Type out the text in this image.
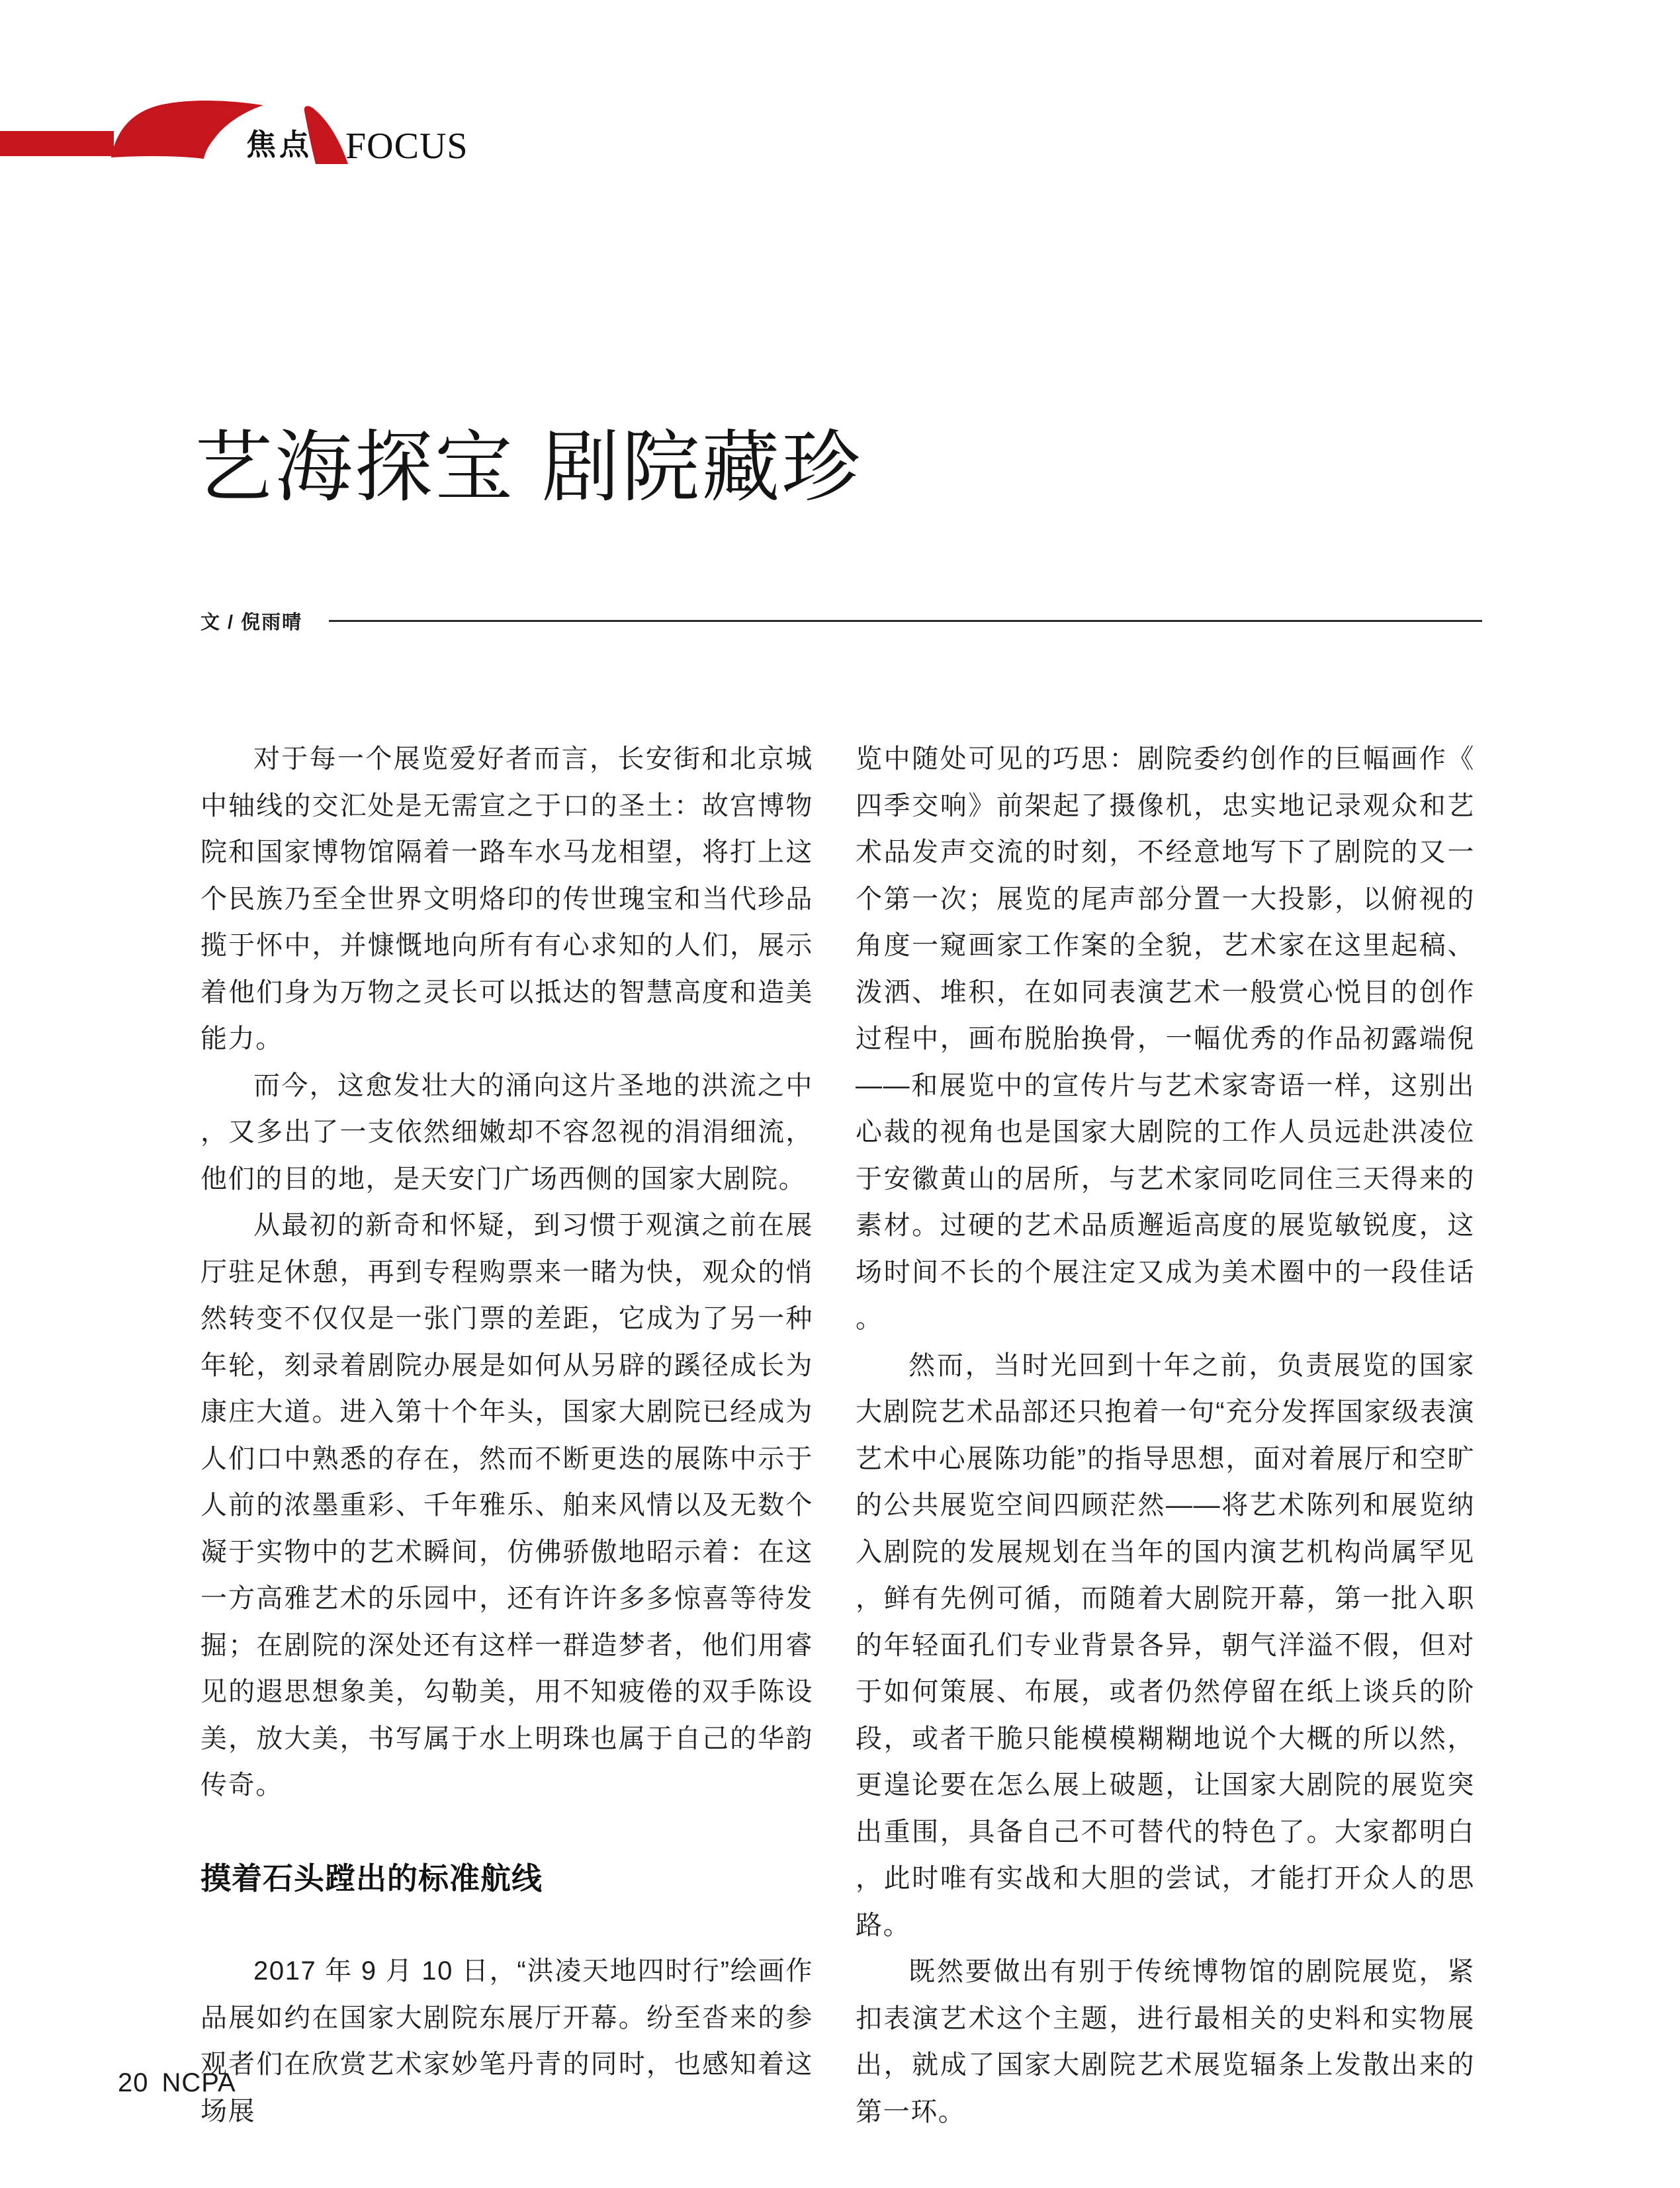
焦点 FOCUS
艺海探宝 剧院藏珍
文 / 倪雨晴

对于每一个展览爱好者而言，长安街和北京城中轴线的交汇处是无需宣之于口的圣土：故宫博物院和国家博物馆隔着一路车水马龙相望，将打上这个民族乃至全世界文明烙印的传世瑰宝和当代珍品揽于怀中，并慷慨地向所有有心求知的人们，展示着他们身为万物之灵长可以抵达的智慧高度和造美能力。

而今，这愈发壮大的涌向这片圣地的洪流之中，又多出了一支依然细嫩却不容忽视的涓涓细流，他们的目的地，是天安门广场西侧的国家大剧院。

从最初的新奇和怀疑，到习惯于观演之前在展厅驻足休憩，再到专程购票来一睹为快，观众的悄然转变不仅仅是一张门票的差距，它成为了另一种年轮，刻录着剧院办展是如何从另辟的蹊径成长为康庄大道。进入第十个年头，国家大剧院已经成为人们口中熟悉的存在，然而不断更迭的展陈中示于人前的浓墨重彩、千年雅乐、舶来风情以及无数个凝于实物中的艺术瞬间，仿佛骄傲地昭示着：在这一方高雅艺术的乐园中，还有许许多多惊喜等待发掘；在剧院的深处还有这样一群造梦者，他们用睿见的遐思想象美，勾勒美，用不知疲倦的双手陈设美，放大美，书写属于水上明珠也属于自己的华韵传奇。

摸着石头蹚出的标准航线

2017 年 9 月 10 日，“洪凌天地四时行”绘画作品展如约在国家大剧院东展厅开幕。纷至沓来的参观者们在欣赏艺术家妙笔丹青的同时，也感知着这场展

览中随处可见的巧思：剧院委约创作的巨幅画作《四季交响》前架起了摄像机，忠实地记录观众和艺术品发声交流的时刻，不经意地写下了剧院的又一个第一次；展览的尾声部分置一大投影，以俯视的角度一窥画家工作案的全貌，艺术家在这里起稿、泼洒、堆积，在如同表演艺术一般赏心悦目的创作过程中，画布脱胎换骨，一幅优秀的作品初露端倪——和展览中的宣传片与艺术家寄语一样，这别出心裁的视角也是国家大剧院的工作人员远赴洪凌位于安徽黄山的居所，与艺术家同吃同住三天得来的素材。过硬的艺术品质邂逅高度的展览敏锐度，这场时间不长的个展注定又成为美术圈中的一段佳话。

然而，当时光回到十年之前，负责展览的国家大剧院艺术品部还只抱着一句“充分发挥国家级表演艺术中心展陈功能”的指导思想，面对着展厅和空旷的公共展览空间四顾茫然——将艺术陈列和展览纳入剧院的发展规划在当年的国内演艺机构尚属罕见，鲜有先例可循，而随着大剧院开幕，第一批入职的年轻面孔们专业背景各异，朝气洋溢不假，但对于如何策展、布展，或者仍然停留在纸上谈兵的阶段，或者干脆只能模模糊糊地说个大概的所以然，更遑论要在怎么展上破题，让国家大剧院的展览突出重围，具备自己不可替代的特色了。大家都明白，此时唯有实战和大胆的尝试，才能打开众人的思路。

既然要做出有别于传统博物馆的剧院展览，紧扣表演艺术这个主题，进行最相关的史料和实物展出，就成了国家大剧院艺术展览辐条上发散出来的第一环。

20 NCPA
